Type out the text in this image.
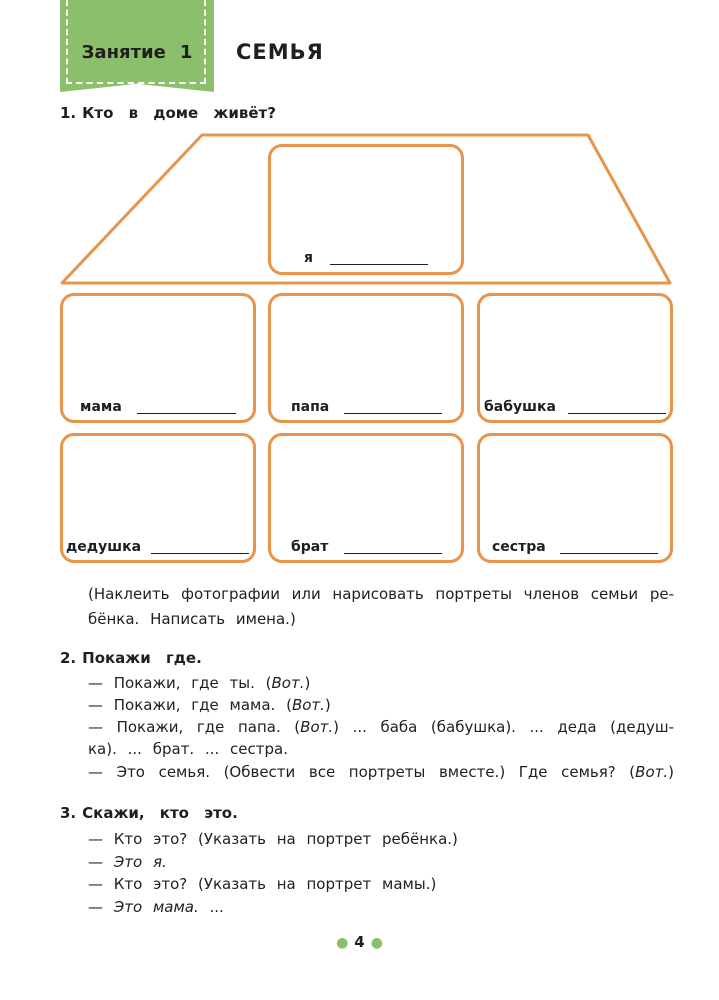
Занятие 1	СЕМЬЯ
1. Кто в доме живёт?
я
мама	папа	бабушка
дедушка	брат	сестра
(Наклеить фотографии или нарисовать портреты членов семьи ре-
бёнка. Написать имена.)
2. Покажи где.
— Покажи, где ты. (Вот.)
— Покажи, где мама. (Вот.)
— Покажи, где папа. (Вот.) ... баба (бабушка). ... деда (дедуш-
ка). ... брат. ... сестра.
— Это семья. (Обвести все портреты вместе.) Где семья? (Вот.)
3. Скажи, кто это.
— Кто это? (Указать на портрет ребёнка.)
— Это я.
— Кто это? (Указать на портрет мамы.)
— Это мама. ...
● 4 ●
